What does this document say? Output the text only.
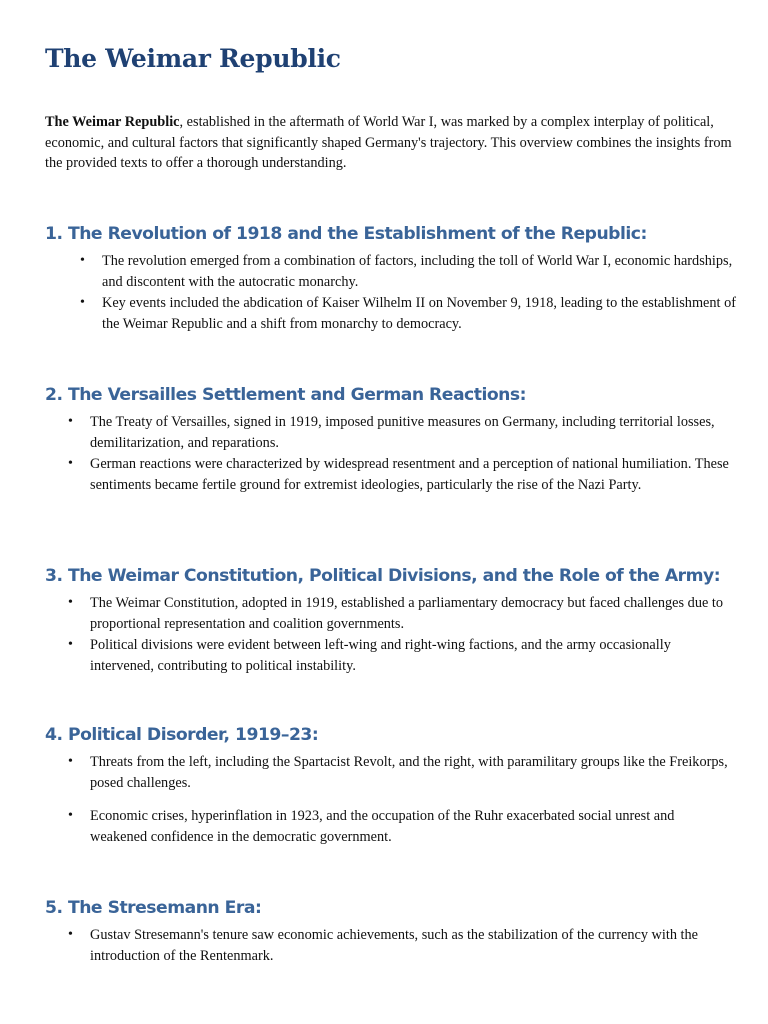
The Weimar Republic

The Weimar Republic, established in the aftermath of World War I, was marked by a complex interplay of political, economic, and cultural factors that significantly shaped Germany's trajectory. This overview combines the insights from the provided texts to offer a thorough understanding.

1. The Revolution of 1918 and the Establishment of the Republic:
• The revolution emerged from a combination of factors, including the toll of World War I, economic hardships, and discontent with the autocratic monarchy.
• Key events included the abdication of Kaiser Wilhelm II on November 9, 1918, leading to the establishment of the Weimar Republic and a shift from monarchy to democracy.
2. The Versailles Settlement and German Reactions:
• The Treaty of Versailles, signed in 1919, imposed punitive measures on Germany, including territorial losses, demilitarization, and reparations.
• German reactions were characterized by widespread resentment and a perception of national humiliation. These sentiments became fertile ground for extremist ideologies, particularly the rise of the Nazi Party.
3. The Weimar Constitution, Political Divisions, and the Role of the Army:
• The Weimar Constitution, adopted in 1919, established a parliamentary democracy but faced challenges due to proportional representation and coalition governments.
• Political divisions were evident between left-wing and right-wing factions, and the army occasionally intervened, contributing to political instability.
4. Political Disorder, 1919–23:
• Threats from the left, including the Spartacist Revolt, and the right, with paramilitary groups like the Freikorps, posed challenges.
• Economic crises, hyperinflation in 1923, and the occupation of the Ruhr exacerbated social unrest and weakened confidence in the democratic government.
5. The Stresemann Era:
• Gustav Stresemann's tenure saw economic achievements, such as the stabilization of the currency with the introduction of the Rentenmark.
